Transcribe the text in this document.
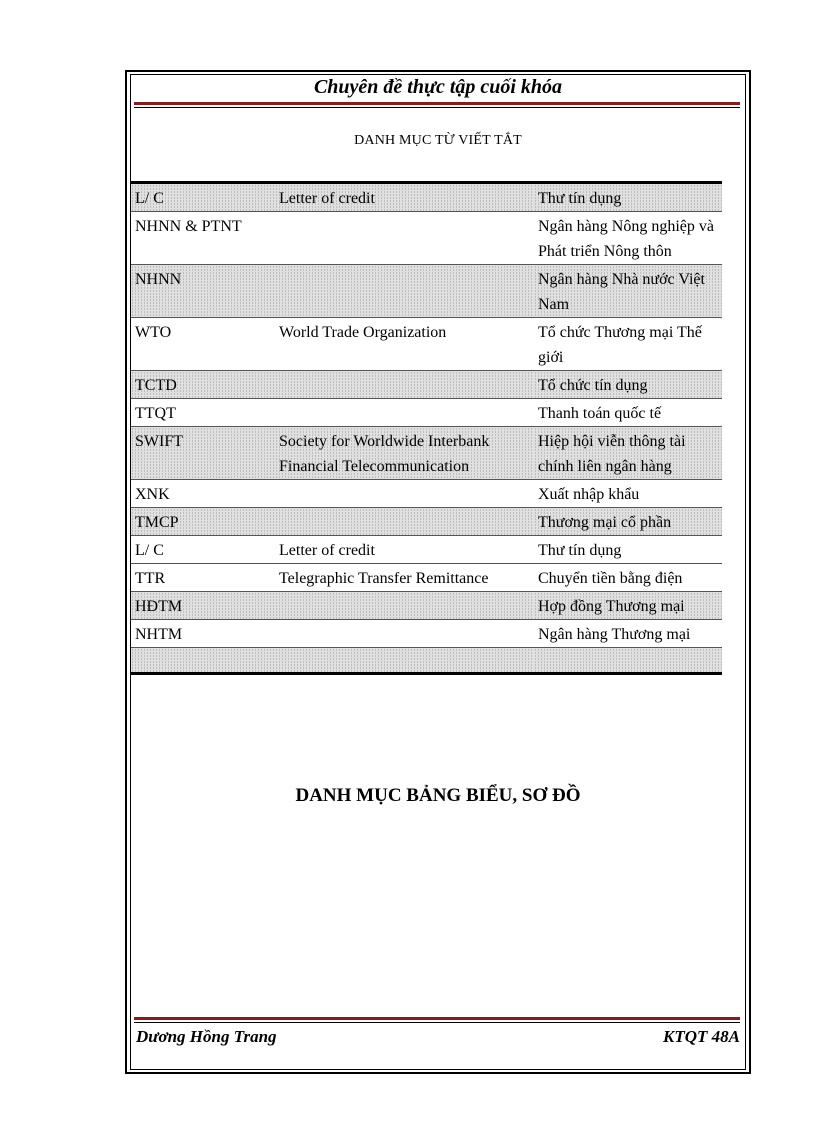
Chuyên đề thực tập cuối khóa
DANH MỤC TỪ VIẾT TẮT
L/ C	Letter of credit	Thư tín dụng
NHNN & PTNT		Ngân hàng Nông nghiệp và Phát triển Nông thôn
NHNN		Ngân hàng Nhà nước Việt Nam
WTO	World Trade Organization	Tổ chức Thương mại Thế giới
TCTD		Tổ chức tín dụng
TTQT		Thanh toán quốc tế
SWIFT	Society for Worldwide Interbank Financial Telecommunication	Hiệp hội viễn thông tài chính liên ngân hàng
XNK		Xuất nhập khẩu
TMCP		Thương mại cổ phần
L/ C	Letter of credit	Thư tín dụng
TTR	Telegraphic Transfer Remittance	Chuyển tiền bằng điện
HĐTM		Hợp đồng Thương mại
NHTM		Ngân hàng Thương mại

DANH MỤC BẢNG BIỂU, SƠ ĐỒ
Dương Hồng Trang	KTQT 48A
